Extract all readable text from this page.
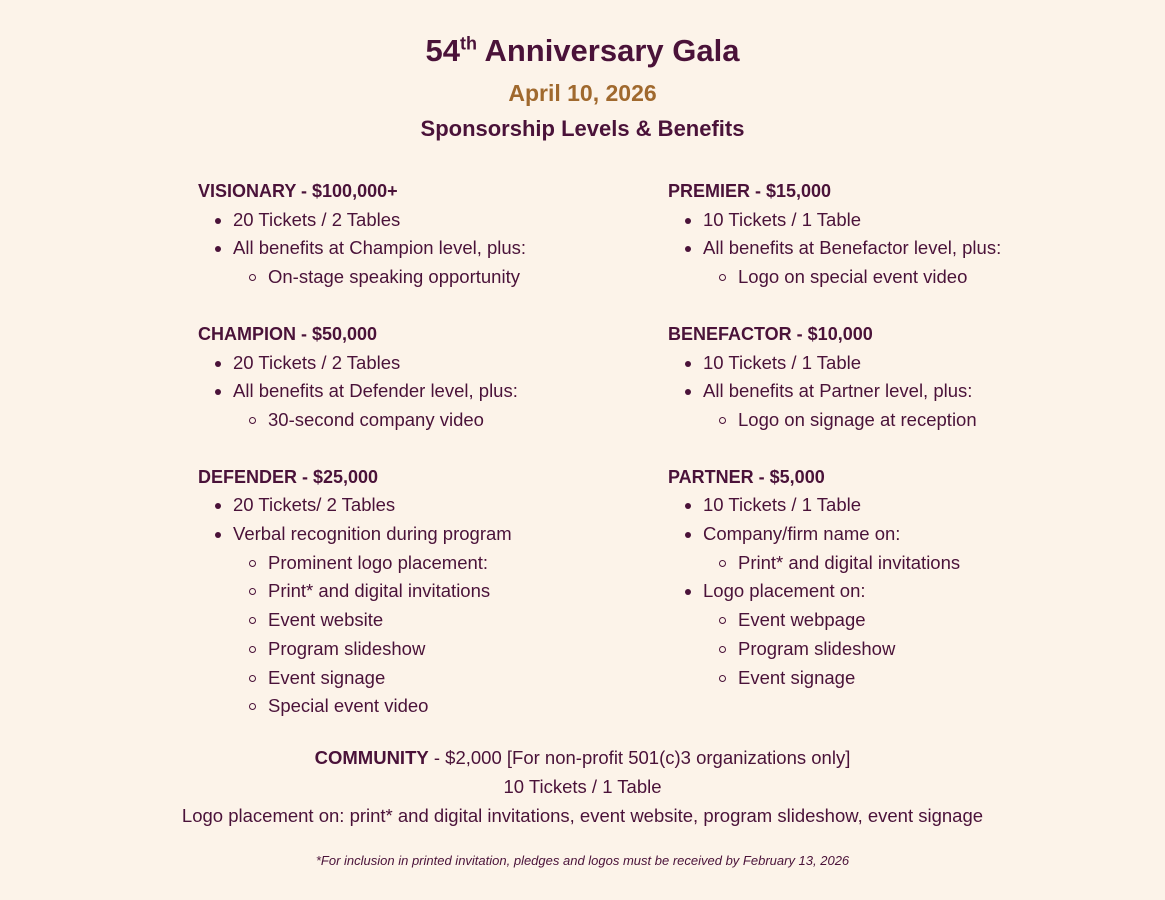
54th Anniversary Gala
April 10, 2026
Sponsorship Levels & Benefits
VISIONARY - $100,000+
20 Tickets / 2 Tables
All benefits at Champion level, plus:
On-stage speaking opportunity
CHAMPION - $50,000
20 Tickets / 2 Tables
All benefits at Defender level, plus:
30-second company video
DEFENDER - $25,000
20 Tickets/ 2 Tables
Verbal recognition during program
Prominent logo placement:
Print* and digital invitations
Event website
Program slideshow
Event signage
Special event video
PREMIER - $15,000
10 Tickets / 1 Table
All benefits at Benefactor level, plus:
Logo on special event video
BENEFACTOR - $10,000
10 Tickets / 1 Table
All benefits at Partner level, plus:
Logo on signage at reception
PARTNER - $5,000
10 Tickets / 1 Table
Company/firm name on:
Print* and digital invitations
Logo placement on:
Event webpage
Program slideshow
Event signage
COMMUNITY - $2,000 [For non-profit 501(c)3 organizations only]
10 Tickets / 1 Table
Logo placement on: print* and digital invitations, event website, program slideshow, event signage
*For inclusion in printed invitation, pledges and logos must be received by February 13, 2026
